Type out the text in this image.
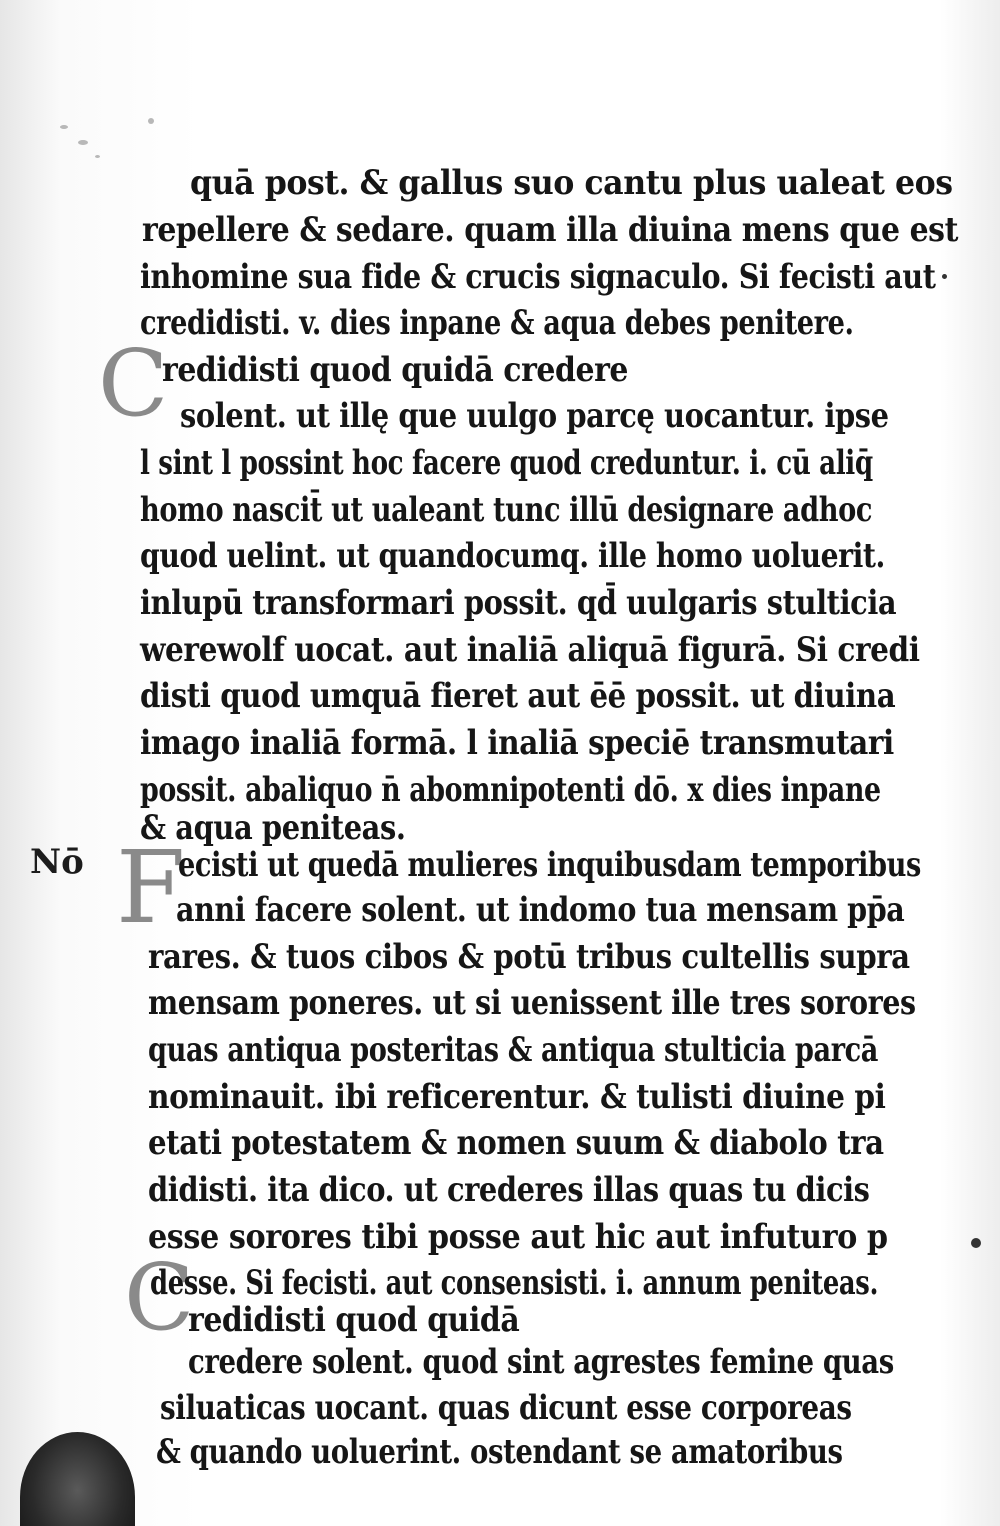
Nō
C
F
C
quā post. & gallus suo cantu plus ualeat eos
repellere & sedare. quam illa diuina mens que est
inhomine sua fide & crucis signaculo. Si fecisti aut
credidisti. v. dies inpane & aqua debes penitere.
redidisti quod quidā credere
solent. ut illę que uulgo parcę uocantur. ipse
l sint l possint hoc facere quod creduntur. i. cū aliq̄
homo nascit̄ ut ualeant tunc illū designare adhoc
quod uelint. ut quandocumq. ille homo uoluerit.
inlupū transformari possit. qd̄ uulgaris stulticia
werewolf uocat. aut inaliā aliquā figurā. Si credi
disti quod umquā fieret aut ēē possit. ut diuina
imago inaliā formā. l inaliā speciē transmutari
possit. abaliquo n̄ abomnipotenti dō. x dies inpane
& aqua peniteas.
ecisti ut quedā mulieres inquibusdam temporibus
anni facere solent. ut indomo tua mensam pp̄a
rares. & tuos cibos & potū tribus cultellis supra
mensam poneres. ut si uenissent ille tres sorores
quas antiqua posteritas & antiqua stulticia parcā
nominauit. ibi reficerentur. & tulisti diuine pi
etati potestatem & nomen suum & diabolo tra
didisti. ita dico. ut crederes illas quas tu dicis
esse sorores tibi posse aut hic aut infuturo p
desse. Si fecisti. aut consensisti. i. annum peniteas.
redidisti quod quidā
credere solent. quod sint agrestes femine quas
siluaticas uocant. quas dicunt esse corporeas
& quando uoluerint. ostendant se amatoribus
